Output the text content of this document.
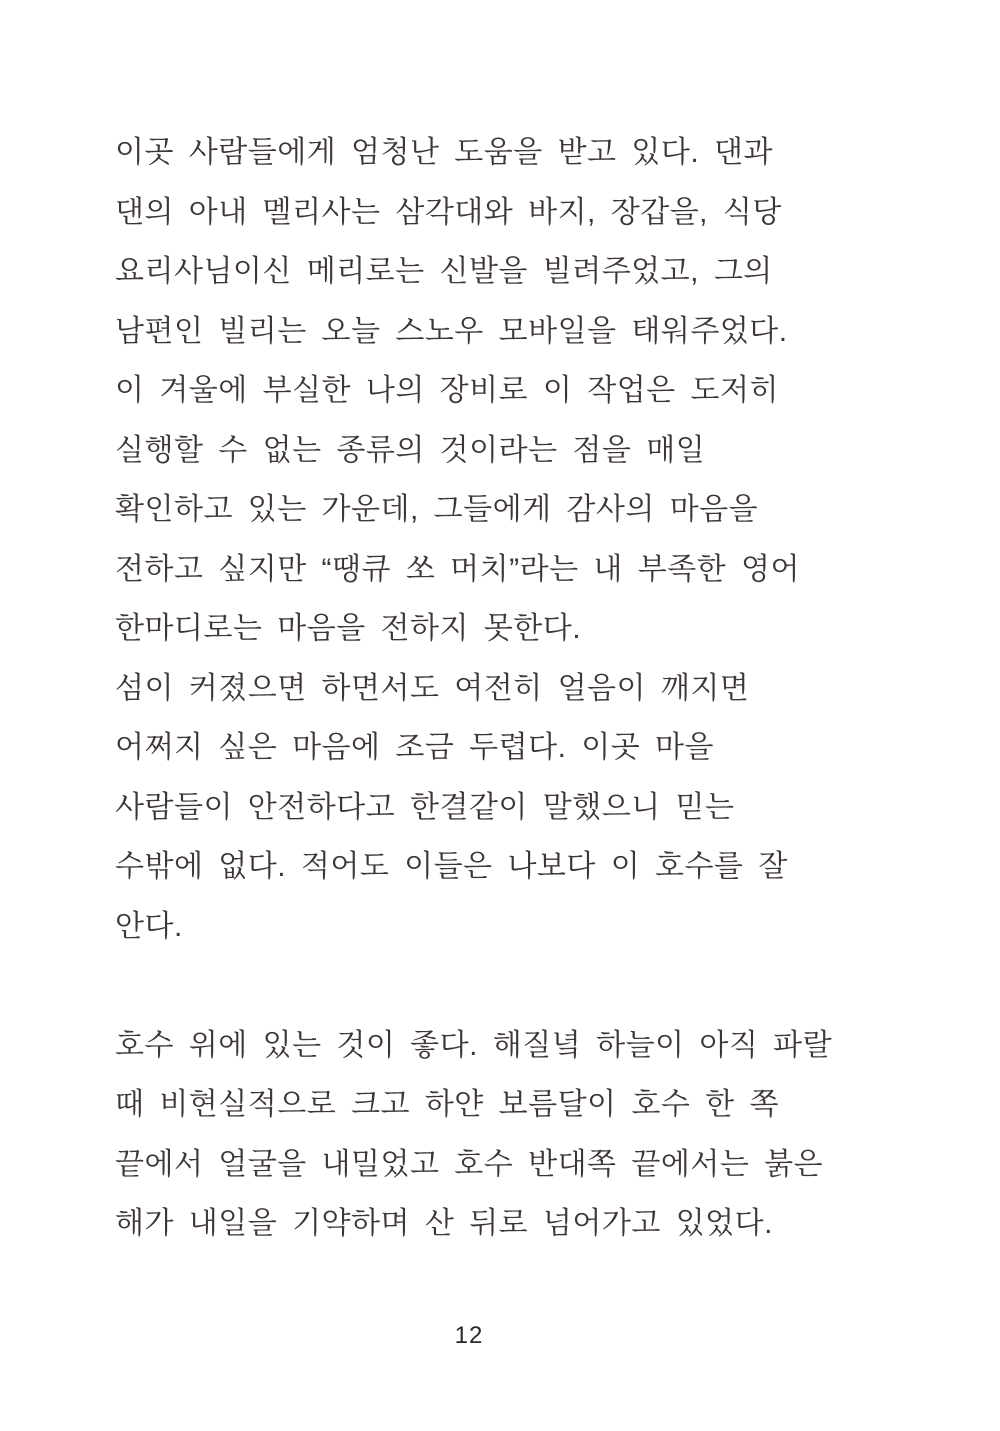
이곳 사람들에게 엄청난 도움을 받고 있다. 댄과
댄의 아내 멜리사는 삼각대와 바지, 장갑을, 식당
요리사님이신 메리로는 신발을 빌려주었고, 그의
남편인 빌리는 오늘 스노우 모바일을 태워주었다.
이 겨울에 부실한 나의 장비로 이 작업은 도저히
실행할 수 없는 종류의 것이라는 점을 매일
확인하고 있는 가운데, 그들에게 감사의 마음을
전하고 싶지만 “땡큐 쏘 머치”라는 내 부족한 영어
한마디로는 마음을 전하지 못한다.
섬이 커졌으면 하면서도 여전히 얼음이 깨지면
어쩌지 싶은 마음에 조금 두렵다. 이곳 마을
사람들이 안전하다고 한결같이 말했으니 믿는
수밖에 없다. 적어도 이들은 나보다 이 호수를 잘
안다.
호수 위에 있는 것이 좋다. 해질녘 하늘이 아직 파랄
때 비현실적으로 크고 하얀 보름달이 호수 한 쪽
끝에서 얼굴을 내밀었고 호수 반대쪽 끝에서는 붉은
해가 내일을 기약하며 산 뒤로 넘어가고 있었다.
12
